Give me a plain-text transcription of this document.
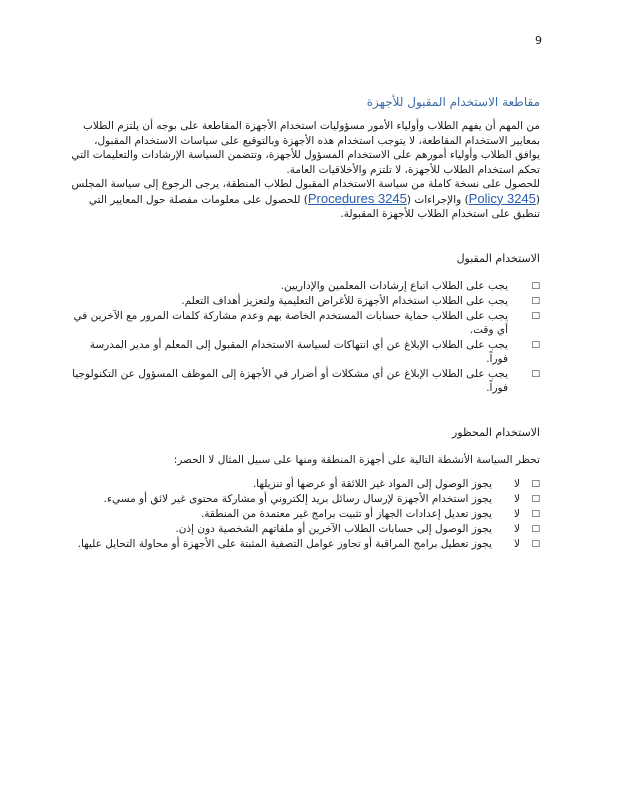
9
مقاطعة الاستخدام المقبول للأجهزة

من المهم أن يفهم الطلاب وأولياء الأمور مسؤوليات استخدام الأجهزة المقاطعة على بوجه أن يلتزم الطلاب بمعايير الاستخدام المقاطعة، لا يتوجب استخدام هذه الأجهزة وبالتوقيع على سياسات الاستخدام المقبول، يوافق الطلاب وأولياء أمورهم على الاستخدام المسؤول للأجهزة، وتتضمن السياسة الإرشادات والتعليمات التي تحكم استخدام الطلاب للأجهزة، لا تلتزم والأخلاقيات العامة.

للحصول على نسخة كاملة من سياسة الاستخدام المقبول لطلاب المنطقة، يرجى الرجوع إلى سياسة المجلس (Policy 3245) والإجراءات (Procedures 3245) للحصول على معلومات مفصلة حول المعايير التي تنطبق على استخدام الطلاب للأجهزة المقبولة.

الاستخدام المقبول
□
يجب على الطلاب اتباع إرشادات المعلمين والإداريين.
□
يجب على الطلاب استخدام الأجهزة للأغراض التعليمية ولتعزيز أهداف التعلم.
□
يجب على الطلاب حماية حسابات المستخدم الخاصة بهم وعدم مشاركة كلمات المرور مع الآخرين في أي وقت.
□
يجب على الطلاب الإبلاغ عن أي انتهاكات لسياسة الاستخدام المقبول إلى المعلم أو مدير المدرسة فوراً.
□
يجب على الطلاب الإبلاغ عن أي مشكلات أو أضرار في الأجهزة إلى الموظف المسؤول عن التكنولوجيا فوراً.
الاستخدام المحظور

تحظر السياسة الأنشطة التالية على أجهزة المنطقة ومنها على سبيل المثال لا الحصر:

□
لا
يجوز الوصول إلى المواد غير اللائقة أو عرضها أو تنزيلها.
□
لا
يجوز استخدام الأجهزة لإرسال رسائل بريد إلكتروني أو مشاركة محتوى غير لائق أو مسيء.
□
لا
يجوز تعديل إعدادات الجهاز أو تثبيت برامج غير معتمدة من المنطقة.
□
لا
يجوز الوصول إلى حسابات الطلاب الآخرين أو ملفاتهم الشخصية دون إذن.
□
لا
يجوز تعطيل برامج المراقبة أو تجاوز عوامل التصفية المثبتة على الأجهزة أو محاولة التحايل عليها.
